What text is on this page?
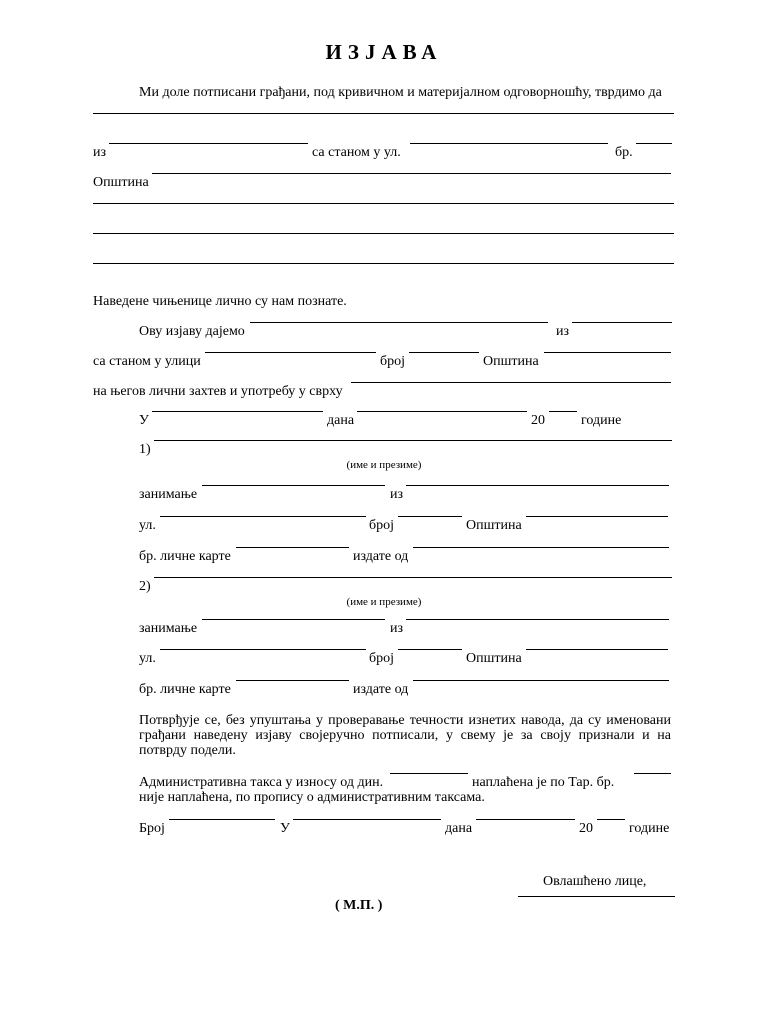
ИЗЈАВА
Ми доле потписани грађани, под кривичном и материјалном одговорношћу, тврдимо да
из	са станом у ул.	бр.
Општина
Наведене чињенице лично су нам познате.
Ову изјаву дајемо	из
са станом у улици	број	Општина
на његов лични захтев и употребу у сврху
У	дана	20	године
1)
(име и презиме)
занимање	из
ул.	број	Општина
бр. личне карте	издате од
2)
(име и презиме)
занимање	из
ул.	број	Општина
бр. личне карте	издате од
Потврђује се, без упуштања у проверавање течности изнетих навода, да су именовани грађани наведену изјаву својеручно потписали, у свему је за своју признали и на потврду подели.
Административна такса у износу од дин.	наплаћена је по Тар. бр.
није наплаћена, по пропису о административним таксама.
Број	У	дана	20	године
Овлашћено лице,
( М.П. )
